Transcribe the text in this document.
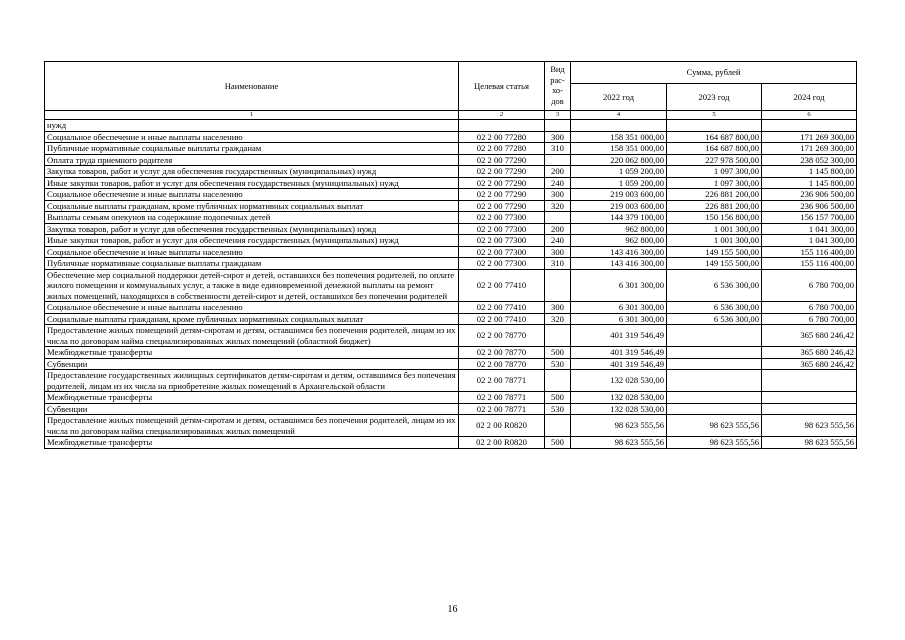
Наименование	Целевая статья	Вид рас-хо-дов	Сумма, рублей		
			2022 год	2023 год	2024 год
1	2	3	4	5	6
нужд					
Социальное обеспечение и иные выплаты населению	02 2 00 77280	300	158 351 000,00	164 687 800,00	171 269 300,00
Публичные нормативные социальные выплаты гражданам	02 2 00 77280	310	158 351 000,00	164 687 800,00	171 269 300,00
Оплата труда приемного родителя	02 2 00 77290		220 062 800,00	227 978 500,00	238 052 300,00
Закупка товаров, работ и услуг для обеспечения государственных (муниципальных) нужд	02 2 00 77290	200	1 059 200,00	1 097 300,00	1 145 800,00
Иные закупки товаров, работ и услуг для обеспечения государственных (муниципальных) нужд	02 2 00 77290	240	1 059 200,00	1 097 300,00	1 145 800,00
Социальное обеспечение и иные выплаты населению	02 2 00 77290	300	219 003 600,00	226 881 200,00	236 906 500,00
Социальные выплаты гражданам, кроме публичных нормативных социальных выплат	02 2 00 77290	320	219 003 600,00	226 881 200,00	236 906 500,00
Выплаты семьям опекунов на содержание подопечных детей	02 2 00 77300		144 379 100,00	150 156 800,00	156 157 700,00
Закупка товаров, работ и услуг для обеспечения государственных (муниципальных) нужд	02 2 00 77300	200	962 800,00	1 001 300,00	1 041 300,00
Иные закупки товаров, работ и услуг для обеспечения государственных (муниципальных) нужд	02 2 00 77300	240	962 800,00	1 001 300,00	1 041 300,00
Социальное обеспечение и иные выплаты населению	02 2 00 77300	300	143 416 300,00	149 155 500,00	155 116 400,00
Публичные нормативные социальные выплаты гражданам	02 2 00 77300	310	143 416 300,00	149 155 500,00	155 116 400,00
Обеспечение мер социальной поддержки детей-сирот и детей, оставшихся без попечения родителей, по оплате жилого помещения и коммунальных услуг, а также в виде единовременной денежной выплаты на ремонт жилых помещений, находящихся в собственности детей-сирот и детей, оставшихся без попечения родителей	02 2 00 77410		6 301 300,00	6 536 300,00	6 780 700,00
Социальное обеспечение и иные выплаты населению	02 2 00 77410	300	6 301 300,00	6 536 300,00	6 780 700,00
Социальные выплаты гражданам, кроме публичных нормативных социальных выплат	02 2 00 77410	320	6 301 300,00	6 536 300,00	6 780 700,00
Предоставление жилых помещений детям-сиротам и детям, оставшимся без попечения родителей, лицам из их числа по договорам найма специализированных жилых помещений (областной бюджет)	02 2 00 78770		401 319 546,49		365 680 246,42
Межбюджетные трансферты	02 2 00 78770	500	401 319 546,49		365 680 246,42
Субвенции	02 2 00 78770	530	401 319 546,49		365 680 246,42
Предоставление государственных жилищных сертификатов детям-сиротам и детям, оставшимся без попечения родителей, лицам из их числа на приобретение жилых помещений в Архангельской области	02 2 00 78771		132 028 530,00		
Межбюджетные трансферты	02 2 00 78771	500	132 028 530,00		
Субвенции	02 2 00 78771	530	132 028 530,00		
Предоставление жилых помещений детям-сиротам и детям, оставшимся без попечения родителей, лицам из их числа по договорам найма специализированных жилых помещений	02 2 00 R0820		98 623 555,56	98 623 555,56	98 623 555,56
Межбюджетные трансферты	02 2 00 R0820	500	98 623 555,56	98 623 555,56	98 623 555,56
16
